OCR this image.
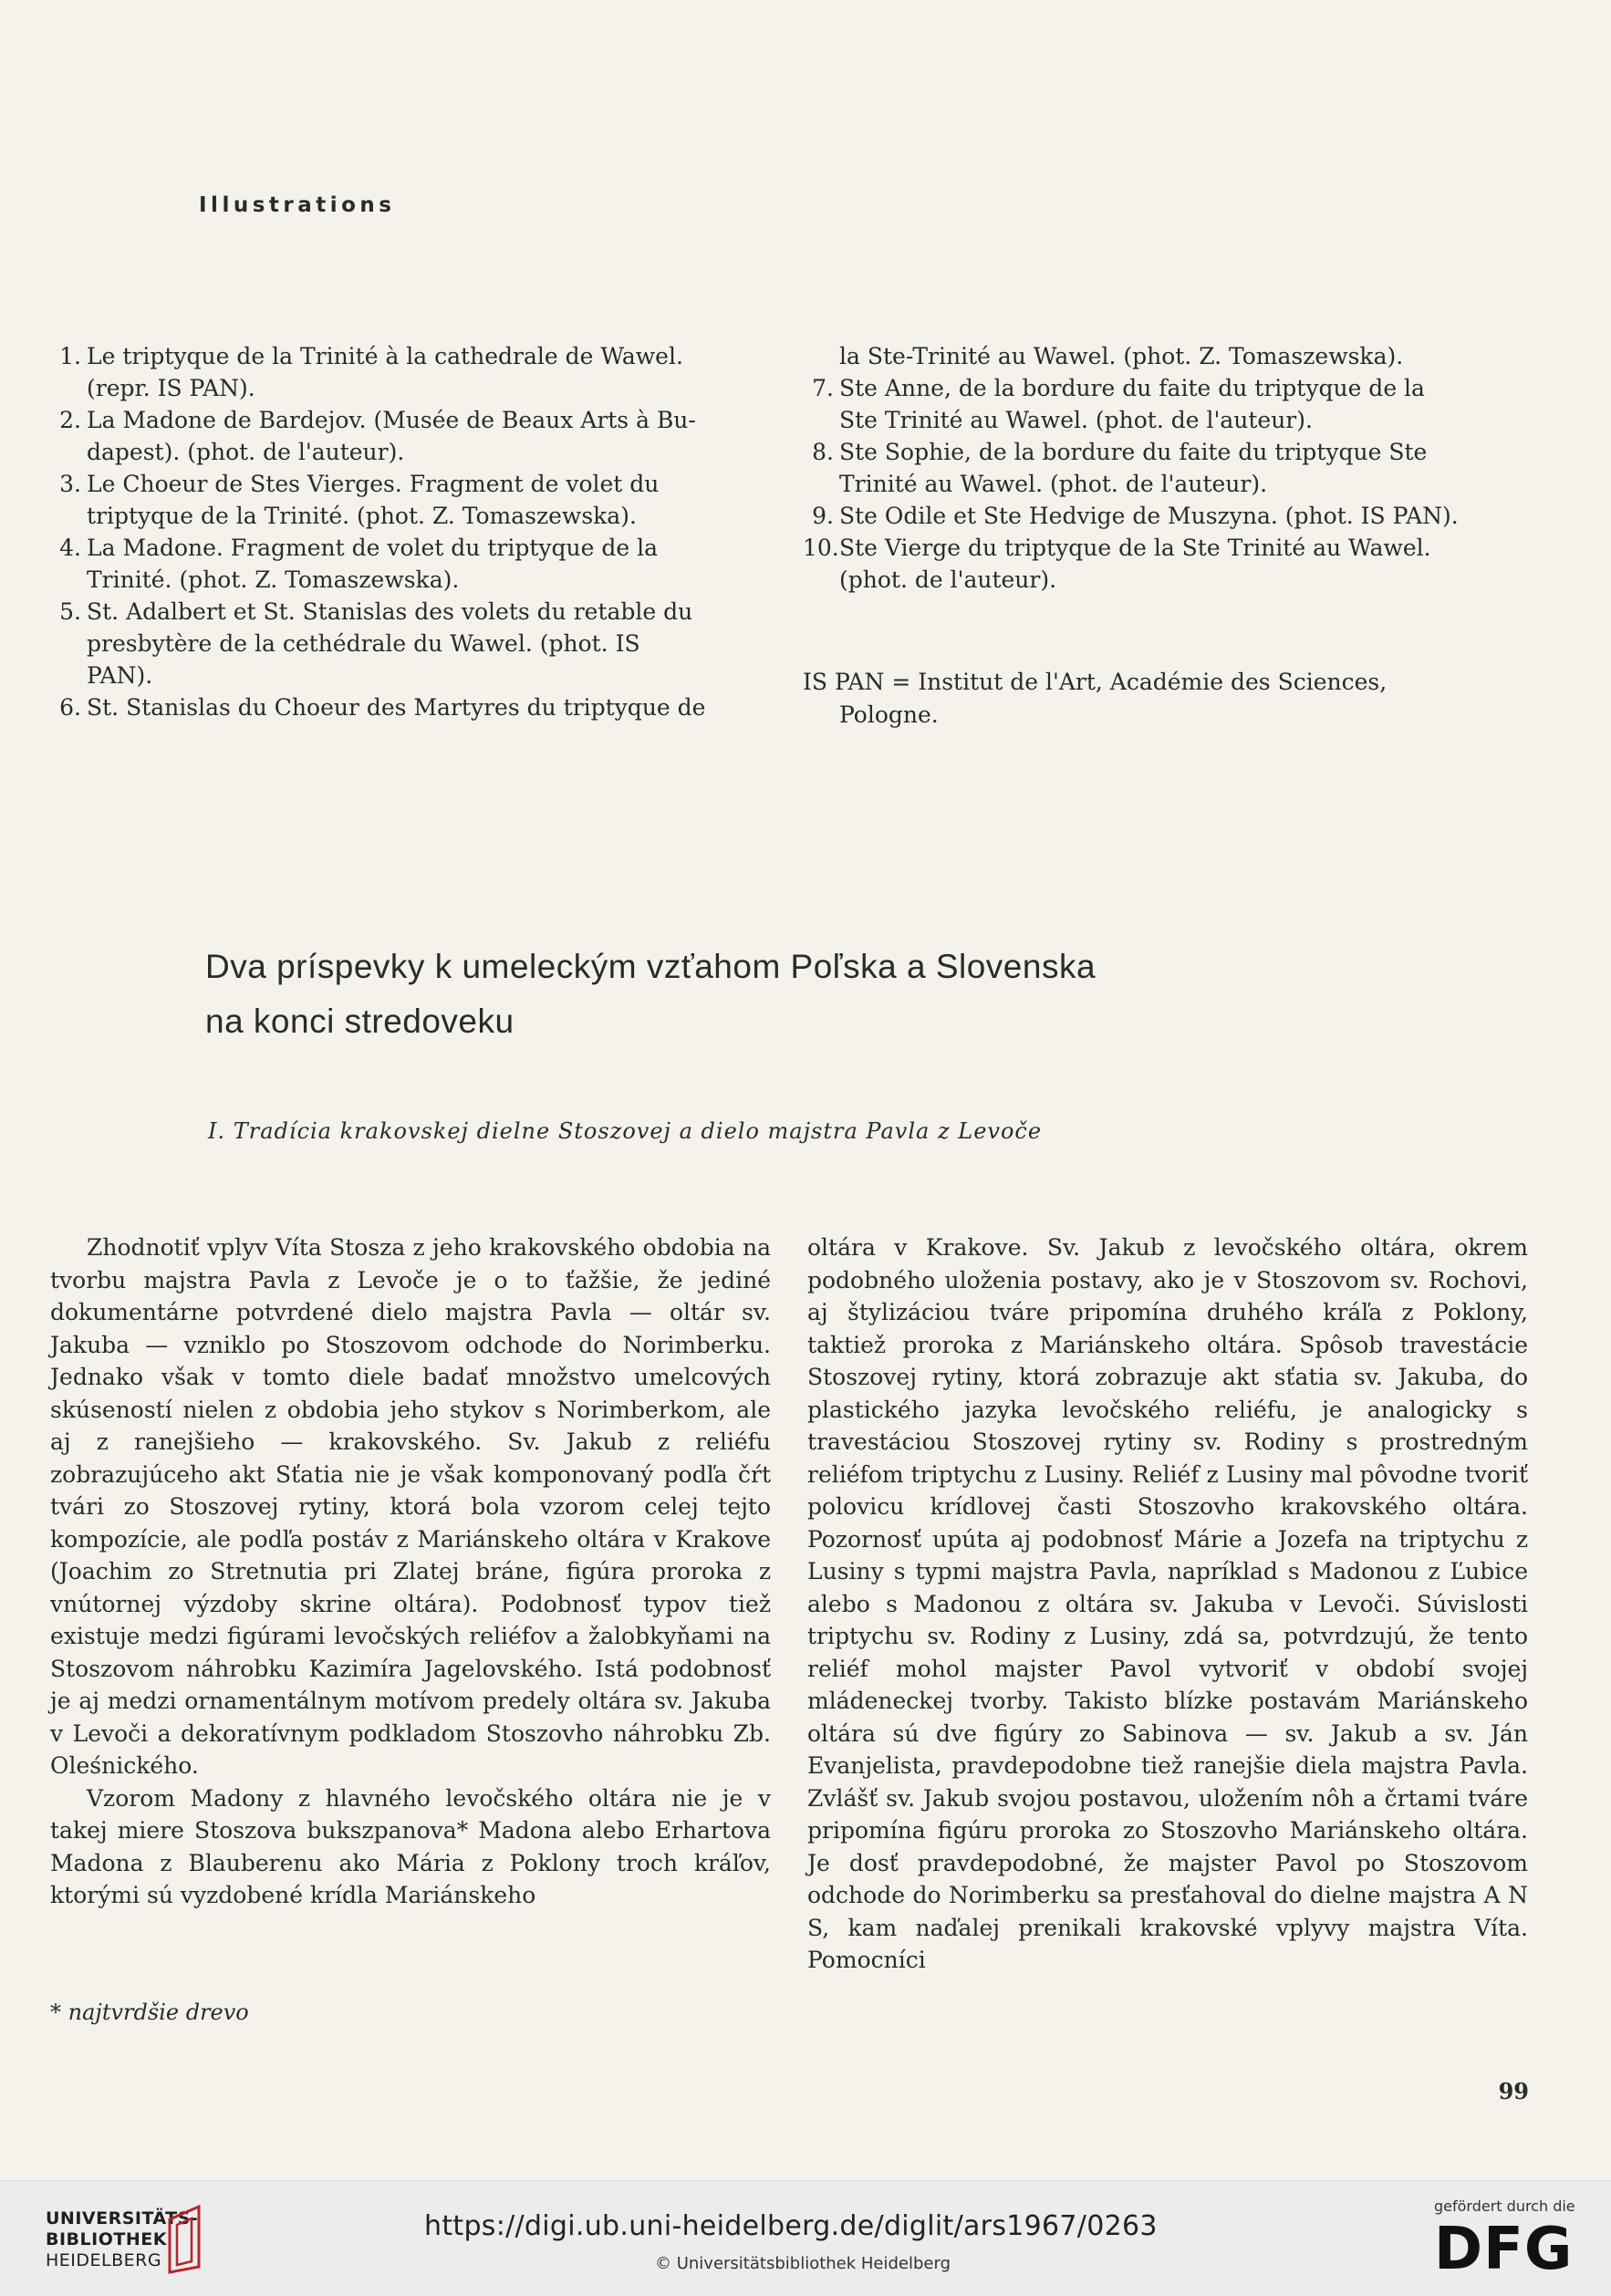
Illustrations
1. Le triptyque de la Trinité à la cathedrale de Wawel.
(repr. IS PAN).
2. La Madone de Bardejov. (Musée de Beaux Arts à Bu-
dapest). (phot. de l'auteur).
3. Le Choeur de Stes Vierges. Fragment de volet du
triptyque de la Trinité. (phot. Z. Tomaszewska).
4. La Madone. Fragment de volet du triptyque de la
Trinité. (phot. Z. Tomaszewska).
5. St. Adalbert et St. Stanislas des volets du retable du
presbytère de la cethédrale du Wawel. (phot. IS
PAN).
6. St. Stanislas du Choeur des Martyres du triptyque de
la Ste-Trinité au Wawel. (phot. Z. Tomaszewska).
7. Ste Anne, de la bordure du faite du triptyque de la
Ste Trinité au Wawel. (phot. de l'auteur).
8. Ste Sophie, de la bordure du faite du triptyque Ste
Trinité au Wawel. (phot. de l'auteur).
9. Ste Odile et Ste Hedvige de Muszyna. (phot. IS PAN).
10. Ste Vierge du triptyque de la Ste Trinité au Wawel.
(phot. de l'auteur).
IS PAN = Institut de l'Art, Académie des Sciences,
Pologne.
Dva príspevky k umeleckým vzťahom Poľska a Slovenska
na konci stredoveku
I. Tradícia krakovskej dielne Stoszovej a dielo majstra Pavla z Levoče

Zhodnotiť vplyv Víta Stosza z jeho krakovského obdobia na tvorbu majstra Pavla z Levoče je o to ťažšie, že jediné dokumentárne potvrdené dielo majstra Pavla — oltár sv. Jakuba — vzniklo po Stoszovom odchode do Norimberku. Jednako však v tomto diele badať množstvo umelcových skúseností nielen z obdobia jeho stykov s Norimberkom, ale aj z ranejšieho — krakovského. Sv. Jakub z reliéfu zobrazujúceho akt Sťatia nie je však komponovaný podľa čŕt tvári zo Stoszovej rytiny, ktorá bola vzorom celej tejto kompozície, ale podľa postáv z Mariánskeho oltára v Krakove (Joachim zo Stretnutia pri Zlatej bráne, figúra proroka z vnútornej výzdoby skrine oltára). Podobnosť typov tiež existuje medzi figúrami levočských reliéfov a žalobkyňami na Stoszovom náhrobku Kazimíra Jagelovského. Istá podobnosť je aj medzi ornamentálnym motívom predely oltára sv. Jakuba v Levoči a dekoratívnym podkladom Stoszovho náhrobku Zb. Oleśnického.

Vzorom Madony z hlavného levočského oltára nie je v takej miere Stoszova bukszpanova* Madona alebo Erhartova Madona z Blauberenu ako Mária z Poklony troch kráľov, ktorými sú vyzdobené krídla Mariánskeho

oltára v Krakove. Sv. Jakub z levočského oltára, okrem podobného uloženia postavy, ako je v Stoszovom sv. Rochovi, aj štylizáciou tváre pripomína druhého kráľa z Poklony, taktiež proroka z Mariánskeho oltára. Spôsob travestácie Stoszovej rytiny, ktorá zobrazuje akt sťatia sv. Jakuba, do plastického jazyka levočského reliéfu, je analogicky s travestáciou Stoszovej rytiny sv. Rodiny s prostredným reliéfom triptychu z Lusiny. Reliéf z Lusiny mal pôvodne tvoriť polovicu krídlovej časti Stoszovho krakovského oltára. Pozornosť upúta aj podobnosť Márie a Jozefa na triptychu z Lusiny s typmi majstra Pavla, napríklad s Madonou z Ľubice alebo s Madonou z oltára sv. Jakuba v Levoči. Súvislosti triptychu sv. Rodiny z Lusiny, zdá sa, potvrdzujú, že tento reliéf mohol majster Pavol vytvoriť v období svojej mládeneckej tvorby. Takisto blízke postavám Mariánskeho oltára sú dve figúry zo Sabinova — sv. Jakub a sv. Ján Evanjelista, pravdepodobne tiež ranejšie diela majstra Pavla. Zvlášť sv. Jakub svojou postavou, uložením nôh a črtami tváre pripomína figúru proroka zo Stoszovho Mariánskeho oltára. Je dosť pravdepodobné, že majster Pavol po Stoszovom odchode do Norimberku sa presťahoval do dielne majstra A N S, kam naďalej prenikali krakovské vplyvy majstra Víta. Pomocníci

* najtvrdšie drevo
99
UNIVERSITÄTS-
BIBLIOTHEK
HEIDELBERG
https://digi.ub.uni-heidelberg.de/diglit/ars1967/0263
© Universitätsbibliothek Heidelberg
gefördert durch die
DFG
